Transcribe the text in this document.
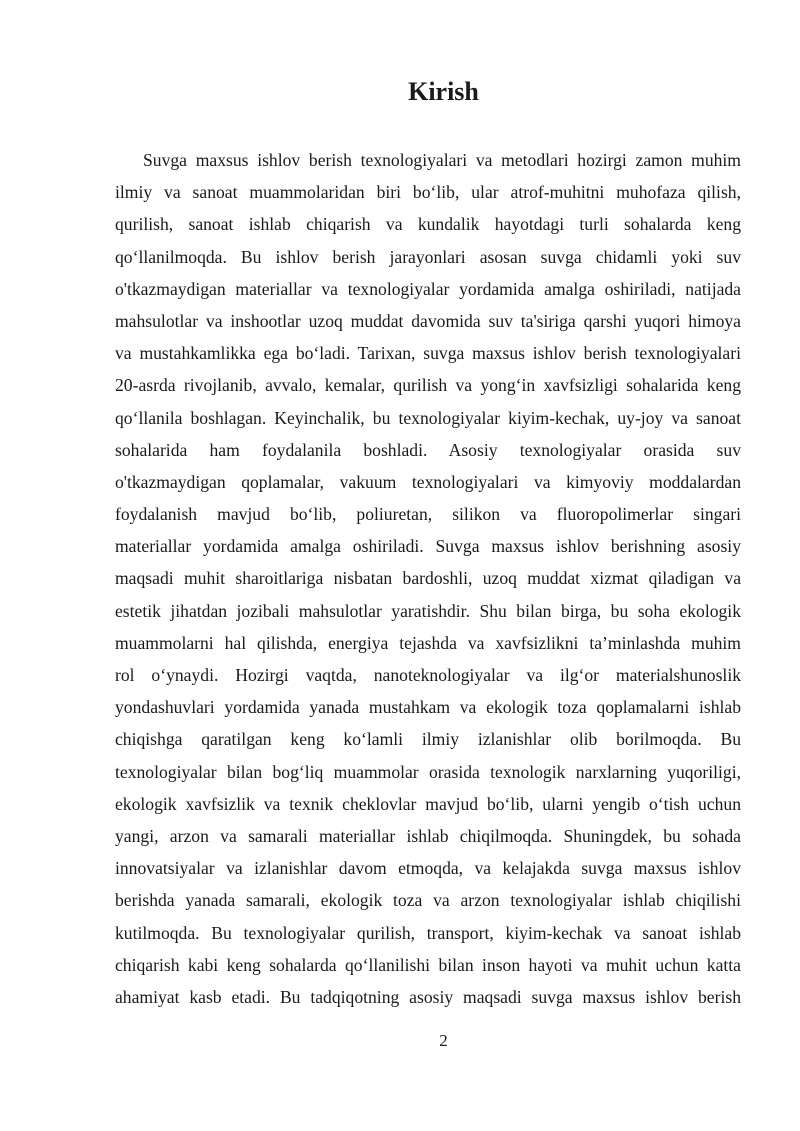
Kirish
Suvga maxsus ishlov berish texnologiyalari va metodlari hozirgi zamon muhim
ilmiy va sanoat muammolaridan biri bo‘lib, ular atrof-muhitni muhofaza qilish,
qurilish, sanoat ishlab chiqarish va kundalik hayotdagi turli sohalarda keng
qo‘llanilmoqda. Bu ishlov berish jarayonlari asosan suvga chidamli yoki suv
o'tkazmaydigan materiallar va texnologiyalar yordamida amalga oshiriladi, natijada
mahsulotlar va inshootlar uzoq muddat davomida suv ta'siriga qarshi yuqori himoya
va mustahkamlikka ega bo‘ladi. Tarixan, suvga maxsus ishlov berish texnologiyalari
20-asrda rivojlanib, avvalo, kemalar, qurilish va yong‘in xavfsizligi sohalarida keng
qo‘llanila boshlagan. Keyinchalik, bu texnologiyalar kiyim-kechak, uy-joy va sanoat
sohalarida ham foydalanila boshladi. Asosiy texnologiyalar orasida suv
o'tkazmaydigan qoplamalar, vakuum texnologiyalari va kimyoviy moddalardan
foydalanish mavjud bo‘lib, poliuretan, silikon va fluoropolimerlar singari
materiallar yordamida amalga oshiriladi. Suvga maxsus ishlov berishning asosiy
maqsadi muhit sharoitlariga nisbatan bardoshli, uzoq muddat xizmat qiladigan va
estetik jihatdan jozibali mahsulotlar yaratishdir. Shu bilan birga, bu soha ekologik
muammolarni hal qilishda, energiya tejashda va xavfsizlikni ta’minlashda muhim
rol o‘ynaydi. Hozirgi vaqtda, nanoteknologiyalar va ilg‘or materialshunoslik
yondashuvlari yordamida yanada mustahkam va ekologik toza qoplamalarni ishlab
chiqishga qaratilgan keng ko‘lamli ilmiy izlanishlar olib borilmoqda. Bu
texnologiyalar bilan bog‘liq muammolar orasida texnologik narxlarning yuqoriligi,
ekologik xavfsizlik va texnik cheklovlar mavjud bo‘lib, ularni yengib o‘tish uchun
yangi, arzon va samarali materiallar ishlab chiqilmoqda. Shuningdek, bu sohada
innovatsiyalar va izlanishlar davom etmoqda, va kelajakda suvga maxsus ishlov
berishda yanada samarali, ekologik toza va arzon texnologiyalar ishlab chiqilishi
kutilmoqda. Bu texnologiyalar qurilish, transport, kiyim-kechak va sanoat ishlab
chiqarish kabi keng sohalarda qo‘llanilishi bilan inson hayoti va muhit uchun katta
ahamiyat kasb etadi. Bu tadqiqotning asosiy maqsadi suvga maxsus ishlov berish
2
